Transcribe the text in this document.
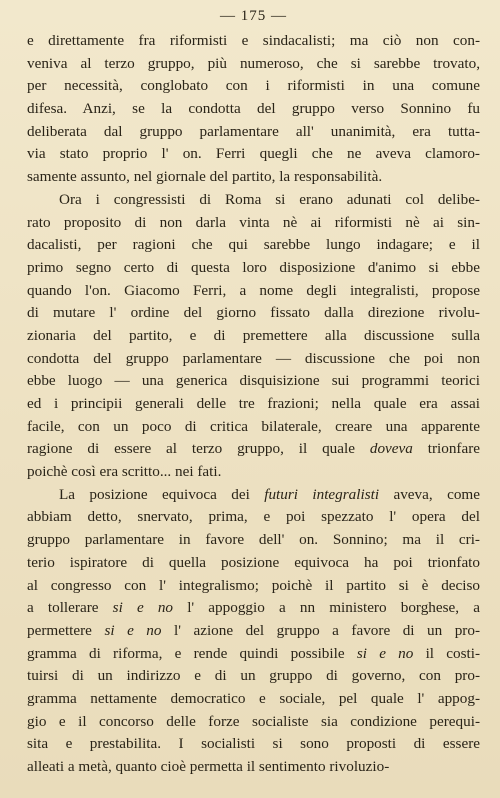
— 175 —
e direttamente fra riformisti e sindacalisti; ma ciò non con-
veniva al terzo gruppo, più numeroso, che si sarebbe trovato,
per necessità, conglobato con i riformisti in una comune
difesa. Anzi, se la condotta del gruppo verso Sonnino fu
deliberata dal gruppo parlamentare all' unanimità, era tutta-
via stato proprio l' on. Ferri quegli che ne aveva clamoro-
samente assunto, nel giornale del partito, la responsabilità.
Ora i congressisti di Roma si erano adunati col delibe-
rato proposito di non darla vinta nè ai riformisti nè ai sin-
dacalisti, per ragioni che qui sarebbe lungo indagare; e il
primo segno certo di questa loro disposizione d'animo si ebbe
quando l'on. Giacomo Ferri, a nome degli integralisti, propose
di mutare l' ordine del giorno fissato dalla direzione rivolu-
zionaria del partito, e di premettere alla discussione sulla
condotta del gruppo parlamentare — discussione che poi non
ebbe luogo — una generica disquisizione sui programmi teorici
ed i principii generali delle tre frazioni; nella quale era assai
facile, con un poco di critica bilaterale, creare una apparente
ragione di essere al terzo gruppo, il quale doveva trionfare
poichè così era scritto... nei fati.
La posizione equivoca dei futuri integralisti aveva, come
abbiam detto, snervato, prima, e poi spezzato l' opera del
gruppo parlamentare in favore dell' on. Sonnino; ma il cri-
terio ispiratore di quella posizione equivoca ha poi trionfato
al congresso con l' integralismo; poichè il partito si è deciso
a tollerare si e no l' appoggio a nn ministero borghese, a
permettere si e no l' azione del gruppo a favore di un pro-
gramma di riforma, e rende quindi possibile si e no il costi-
tuirsi di un indirizzo e di un gruppo di governo, con pro-
gramma nettamente democratico e sociale, pel quale l' appog-
gio e il concorso delle forze socialiste sia condizione perequi-
sita e prestabilita. I socialisti si sono proposti di essere
alleati a metà, quanto cioè permetta il sentimento rivoluzio-
